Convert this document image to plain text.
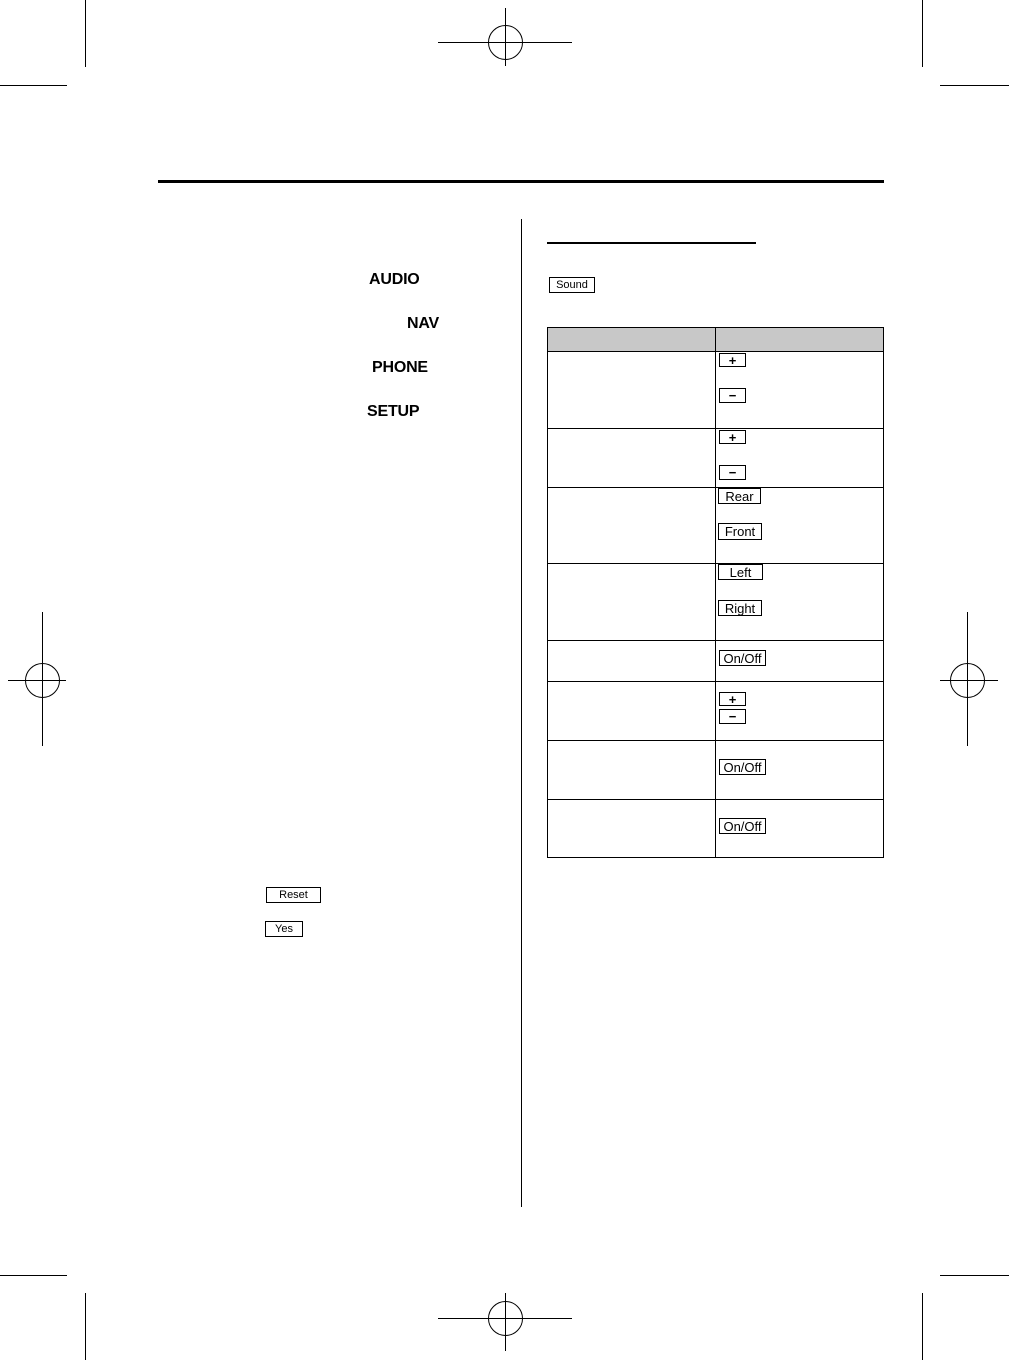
AUDIO
NAV
PHONE
SETUP
Reset
Yes
Sound
+
−
+
−
Rear
Front
Left
Right
On/Off
+
−
On/Off
On/Off
